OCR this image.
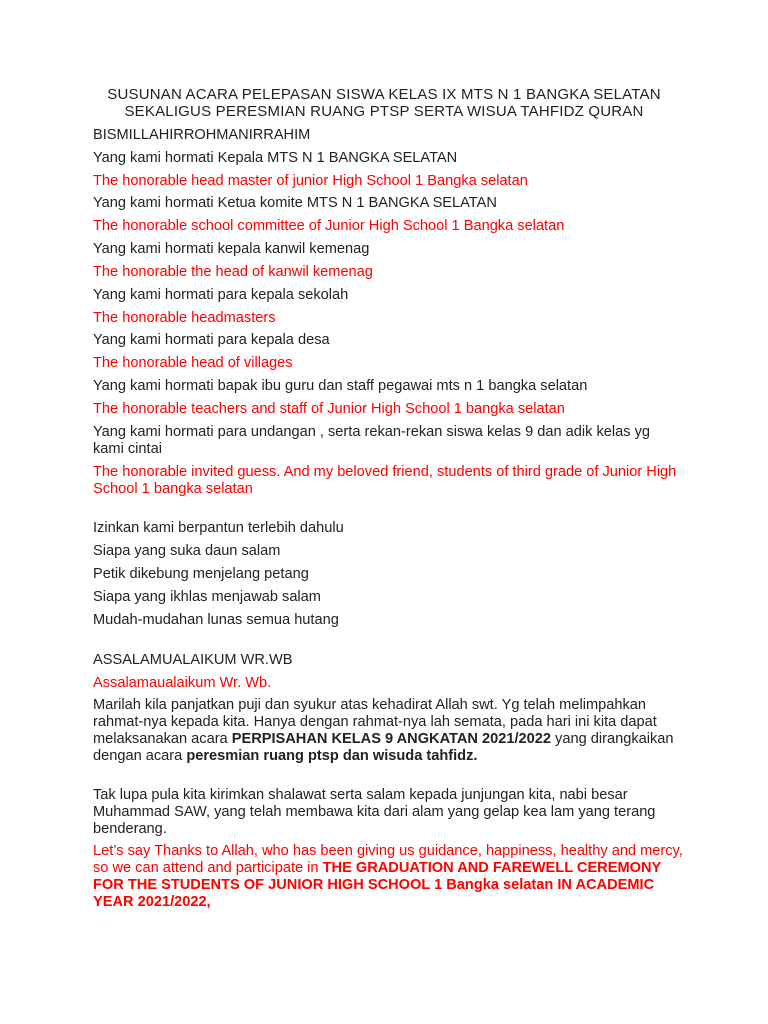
SUSUNAN ACARA PELEPASAN SISWA KELAS IX MTS N 1 BANGKA SELATAN
SEKALIGUS PERESMIAN RUANG PTSP SERTA WISUA TAHFIDZ QURAN

BISMILLAHIRROHMANIRRAHIM

Yang kami hormati Kepala MTS N 1 BANGKA SELATAN

The honorable head master of junior High School 1 Bangka selatan

Yang kami hormati Ketua komite MTS N 1 BANGKA SELATAN

The honorable school committee of Junior High School 1 Bangka selatan

Yang kami hormati kepala kanwil kemenag

The honorable the head of kanwil kemenag

Yang kami hormati para kepala sekolah

The honorable headmasters

Yang kami hormati para kepala desa

The honorable head of villages

Yang kami hormati bapak ibu guru dan staff pegawai mts n 1 bangka selatan

The honorable teachers and staff of Junior High School 1 bangka selatan

Yang kami hormati para undangan , serta rekan-rekan siswa kelas 9 dan adik kelas yg kami cintai

The honorable invited guess. And my beloved friend, students of third grade of Junior High School 1 bangka selatan

Izinkan kami berpantun terlebih dahulu

Siapa yang suka daun salam

Petik dikebung menjelang petang

Siapa yang ikhlas menjawab salam

Mudah-mudahan lunas semua hutang

ASSALAMUALAIKUM WR.WB

Assalamaualaikum Wr. Wb.

Marilah kila panjatkan puji dan syukur atas kehadirat Allah swt. Yg telah melimpahkan rahmat-nya kepada kita. Hanya dengan rahmat-nya lah semata, pada hari ini kita dapat melaksanakan acara PERPISAHAN KELAS 9 ANGKATAN 2021/2022 yang dirangkaikan dengan acara peresmian ruang ptsp dan wisuda tahfidz.

Tak lupa pula kita kirimkan shalawat serta salam kepada junjungan kita, nabi besar Muhammad SAW, yang telah membawa kita dari alam yang gelap kea lam yang terang benderang.

Let’s say Thanks to Allah, who has been giving us guidance, happiness, healthy and mercy, so we can attend and participate in THE GRADUATION AND FAREWELL CEREMONY FOR THE STUDENTS OF JUNIOR HIGH SCHOOL 1 Bangka selatan IN ACADEMIC YEAR 2021/2022,
